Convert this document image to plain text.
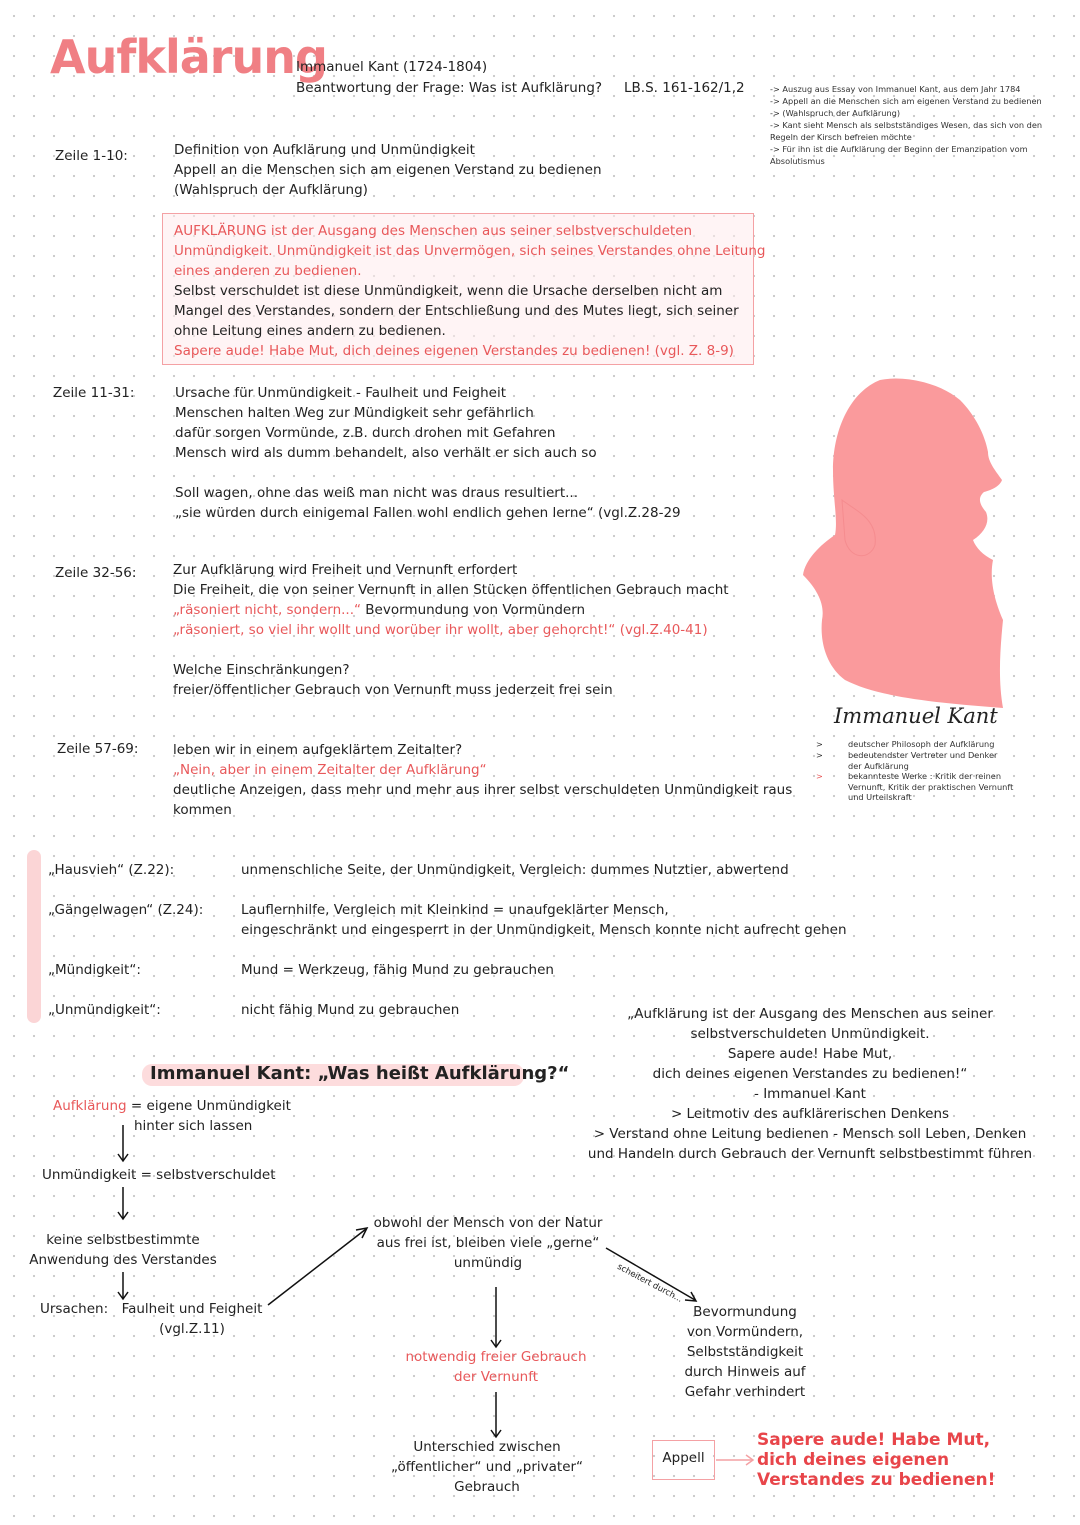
Aufklärung
Immanuel Kant (1724-1804)
Beantwortung der Frage: Was ist Aufklärung? LB.S. 161-162/1,2	-> Auszug aus Essay von Immanuel Kant, aus dem Jahr 1784
-> Appell an die Menschen sich am eigenen Verstand zu bedienen
-> (Wahlspruch der Aufklärung)
-> Kant sieht Mensch als selbstständiges Wesen, das sich von den
Regeln der Kirsch befreien möchte
-> Für ihn ist die Aufklärung der Beginn der Emanzipation vom
Absolutismus
Zeile 1-10:	Definition von Aufklärung und Unmündigkeit
Appell an die Menschen sich am eigenen Verstand zu bedienen
(Wahlspruch der Aufklärung)
AUFKLÄRUNG ist der Ausgang des Menschen aus seiner selbstverschuldeten
Unmündigkeit. Unmündigkeit ist das Unvermögen, sich seines Verstandes ohne Leitung
eines anderen zu bedienen.
Selbst verschuldet ist diese Unmündigkeit, wenn die Ursache derselben nicht am
Mangel des Verstandes, sondern der Entschließung und des Mutes liegt, sich seiner
ohne Leitung eines andern zu bedienen.
Sapere aude! Habe Mut, dich deines eigenen Verstandes zu bedienen! (vgl. Z. 8-9)
Zeile 11-31:	Ursache für Unmündigkeit - Faulheit und Feigheit
Menschen halten Weg zur Mündigkeit sehr gefährlich
dafür sorgen Vormünde, z.B. durch drohen mit Gefahren
Mensch wird als dumm behandelt, also verhält er sich auch so
Soll wagen, ohne das weiß man nicht was draus resultiert...
„sie würden durch einigemal Fallen wohl endlich gehen lerne“ (vgl.Z.28-29
Zeile 32-56:	Zur Aufklärung wird Freiheit und Vernunft erfordert
Die Freiheit, die von seiner Vernunft in allen Stücken öffentlichen Gebrauch macht
„räsoniert nicht, sondern...“ Bevormundung von Vormündern
„räsoniert, so viel ihr wollt und worüber ihr wollt, aber gehorcht!“ (vgl.Z.40-41)
Welche Einschränkungen?
freier/öffentlicher Gebrauch von Vernunft muss jederzeit frei sein
Zeile 57-69:	leben wir in einem aufgeklärtem Zeitalter?
„Nein, aber in einem Zeitalter der Aufklärung“
deutliche Anzeigen, dass mehr und mehr aus ihrer selbst verschuldeten Unmündigkeit raus
kommen
Immanuel Kant
>	deutscher Philosoph der Aufklärung
>	bedeutendster Vertreter und Denker
der Aufklärung
>	bekannteste Werke : Kritik der reinen
Vernunft, Kritik der praktischen Vernunft
und Urteilskraft
„Hausvieh“ (Z.22):	unmenschliche Seite, der Unmündigkeit, Vergleich: dummes Nutztier, abwertend
„Gängelwagen“ (Z.24):	Lauflernhilfe, Vergleich mit Kleinkind = unaufgeklärter Mensch,
eingeschränkt und eingesperrt in der Unmündigkeit, Mensch konnte nicht aufrecht gehen
„Mündigkeit“:	Mund = Werkzeug, fähig Mund zu gebrauchen
„Unmündigkeit“:	nicht fähig Mund zu gebrauchen	„Aufklärung ist der Ausgang des Menschen aus seiner
selbstverschuldeten Unmündigkeit.
Sapere aude! Habe Mut,
dich deines eigenen Verstandes zu bedienen!“
- Immanuel Kant
> Leitmotiv des aufklärerischen Denkens
> Verstand ohne Leitung bedienen - Mensch soll Leben, Denken
und Handeln durch Gebrauch der Vernunft selbstbestimmt führen
Immanuel Kant: „Was heißt Aufklärung?“
Aufklärung = eigene Unmündigkeit
hinter sich lassen
Unmündigkeit = selbstverschuldet
keine selbstbestimmte
Anwendung des Verstandes
Ursachen: Faulheit und Feigheit
(vgl.Z.11)
obwohl der Mensch von der Natur
aus frei ist, bleiben viele „gerne“
unmündig	scheitert durch...
Bevormundung
von Vormündern,
Selbstständigkeit
durch Hinweis auf
Gefahr verhindert
notwendig freier Gebrauch
der Vernunft
Unterschied zwischen
„öffentlicher“ und „privater“
Gebrauch
Appell
Sapere aude! Habe Mut,
dich deines eigenen
Verstandes zu bedienen!
